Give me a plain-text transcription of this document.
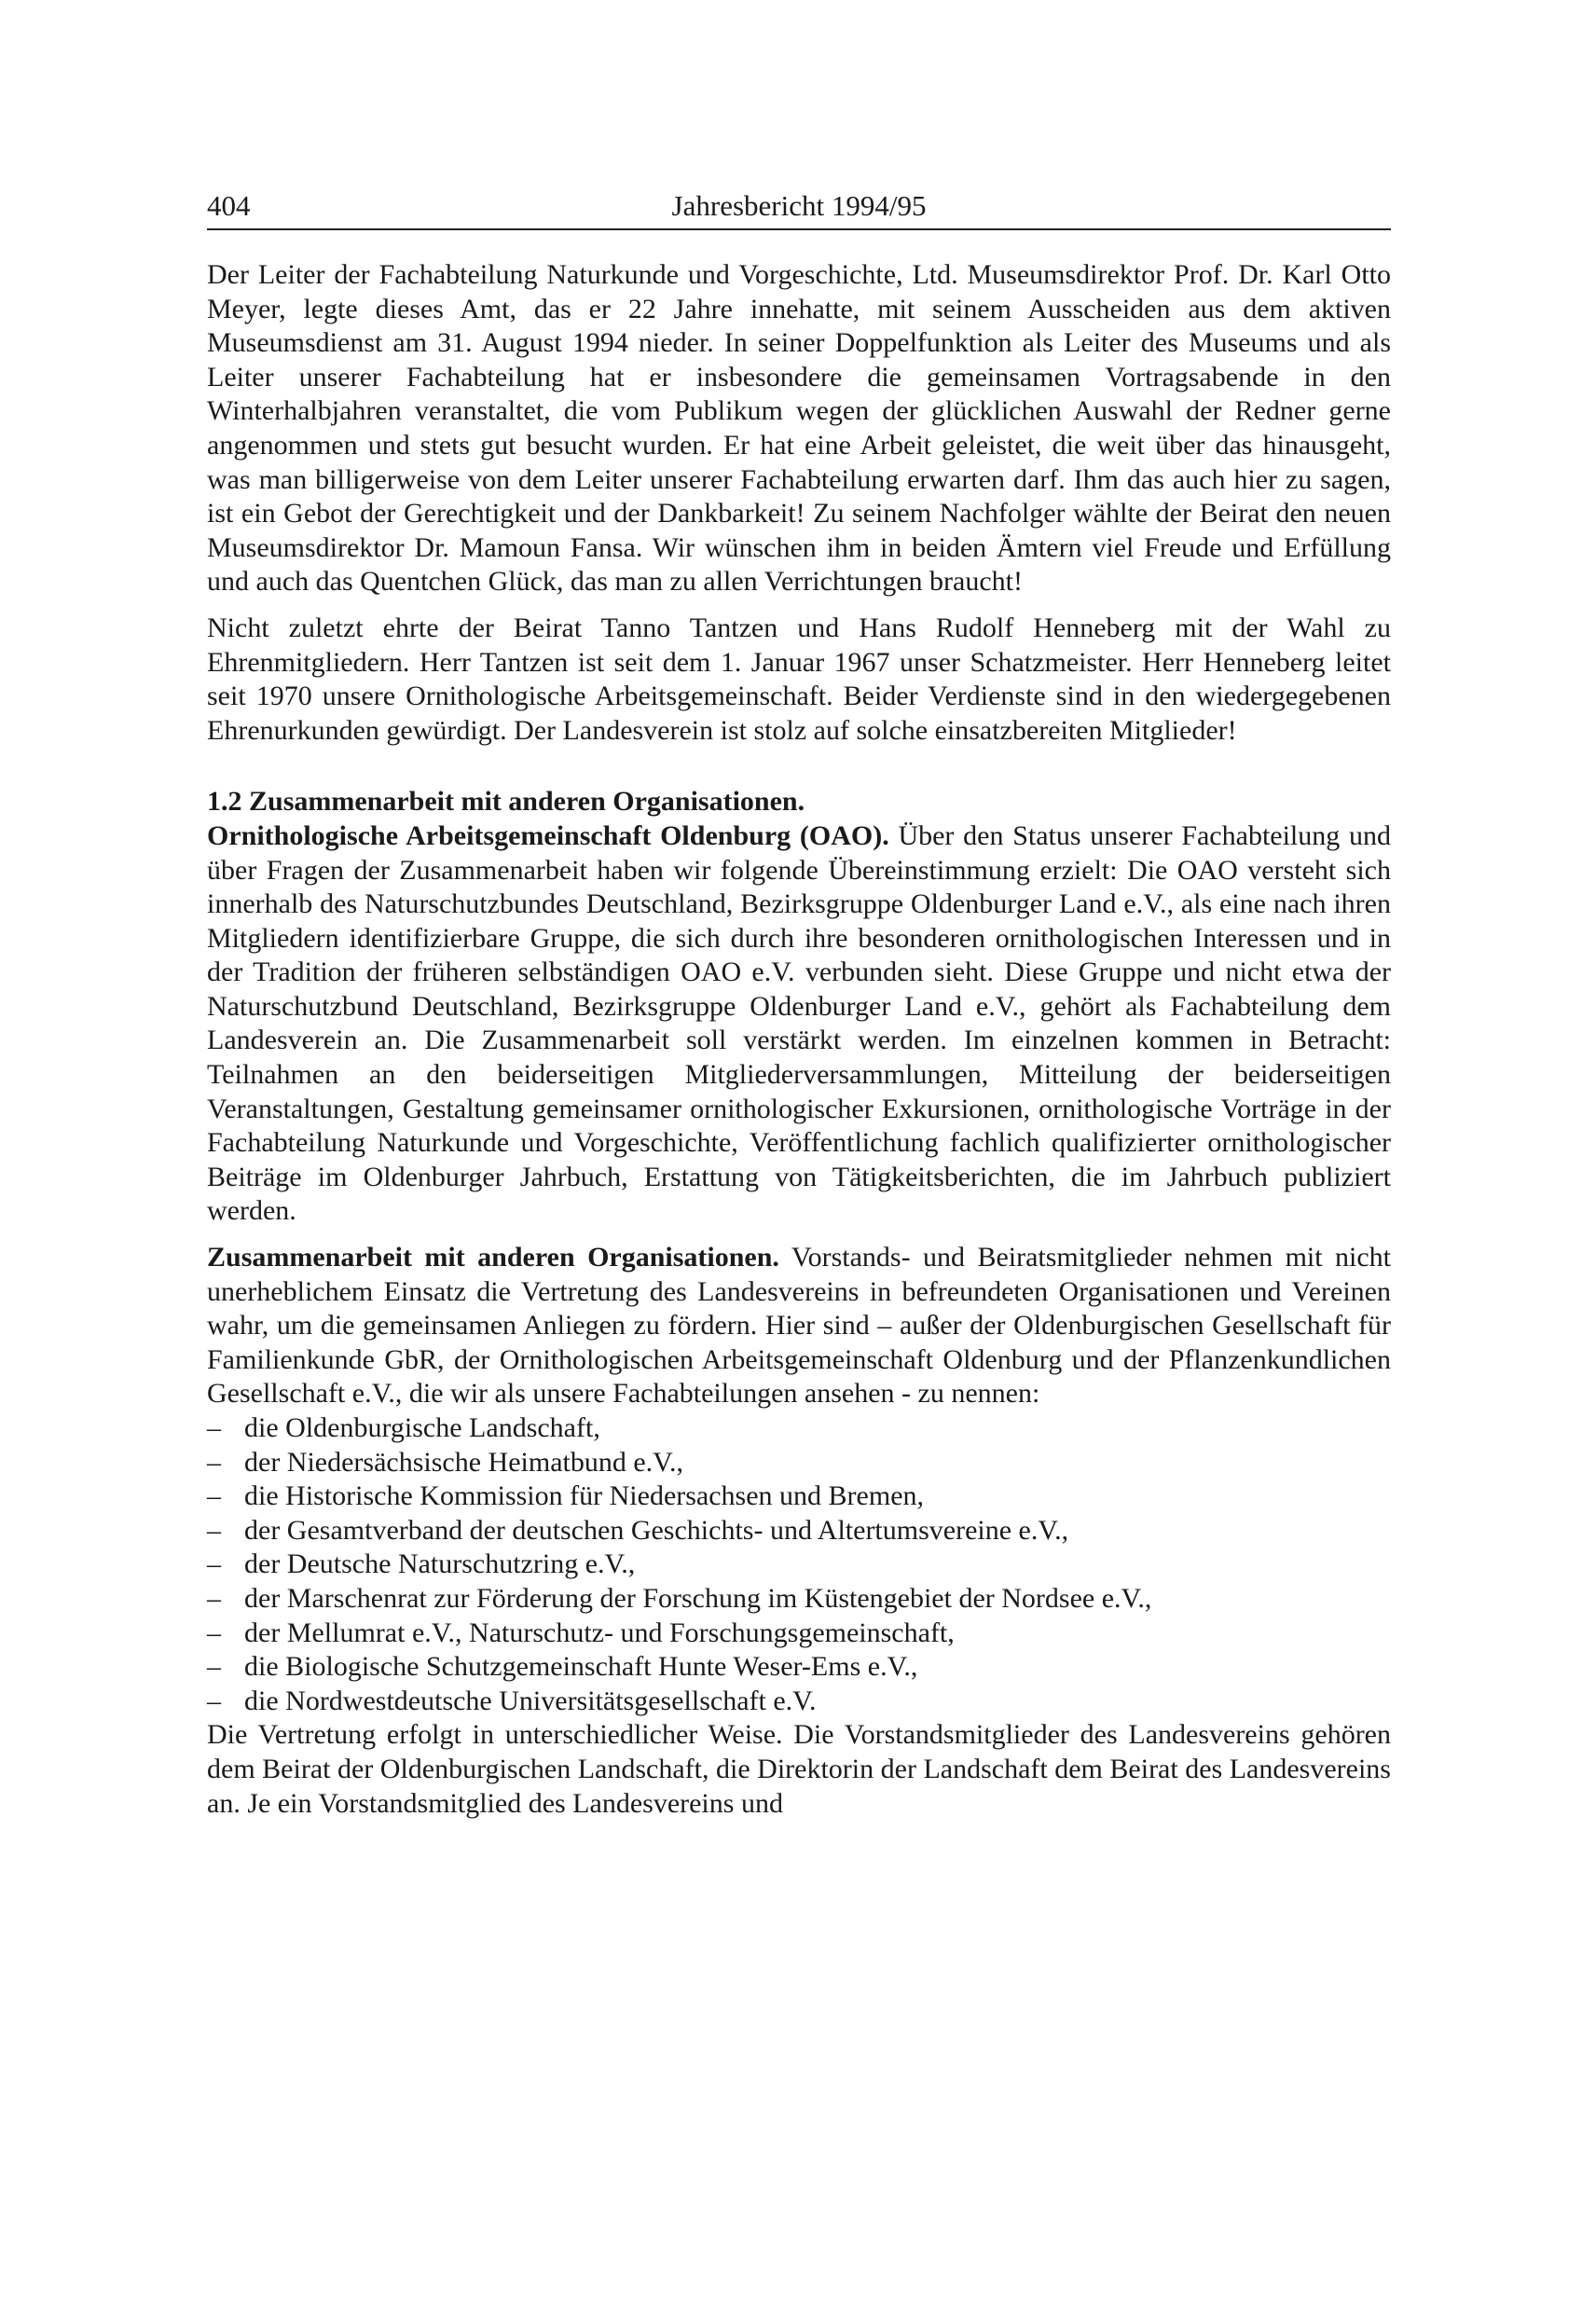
404	Jahresbericht 1994/95

Der Leiter der Fachabteilung Naturkunde und Vorgeschichte, Ltd. Museumsdirektor Prof. Dr. Karl Otto Meyer, legte dieses Amt, das er 22 Jahre innehatte, mit seinem Ausscheiden aus dem aktiven Museumsdienst am 31. August 1994 nieder. In seiner Doppelfunktion als Leiter des Museums und als Leiter unserer Fachabteilung hat er insbesondere die gemeinsamen Vortragsabende in den Winterhalbjahren veranstaltet, die vom Publikum wegen der glücklichen Auswahl der Redner gerne angenommen und stets gut besucht wurden. Er hat eine Arbeit geleistet, die weit über das hinausgeht, was man billigerweise von dem Leiter unserer Fachabteilung erwarten darf. Ihm das auch hier zu sagen, ist ein Gebot der Gerechtigkeit und der Dankbarkeit! Zu seinem Nachfolger wählte der Beirat den neuen Museumsdirektor Dr. Mamoun Fansa. Wir wünschen ihm in beiden Ämtern viel Freude und Erfüllung und auch das Quentchen Glück, das man zu allen Verrichtungen braucht!

Nicht zuletzt ehrte der Beirat Tanno Tantzen und Hans Rudolf Henneberg mit der Wahl zu Ehrenmitgliedern. Herr Tantzen ist seit dem 1. Januar 1967 unser Schatzmeister. Herr Henneberg leitet seit 1970 unsere Ornithologische Arbeitsgemeinschaft. Beider Verdienste sind in den wiedergegebenen Ehrenurkunden gewürdigt. Der Landesverein ist stolz auf solche einsatzbereiten Mitglieder!

1.2 Zusammenarbeit mit anderen Organisationen.

Ornithologische Arbeitsgemeinschaft Oldenburg (OAO). Über den Status unserer Fachabteilung und über Fragen der Zusammenarbeit haben wir folgende Übereinstimmung erzielt: Die OAO versteht sich innerhalb des Naturschutzbundes Deutschland, Bezirksgruppe Oldenburger Land e.V., als eine nach ihren Mitgliedern identifizierbare Gruppe, die sich durch ihre besonderen ornithologischen Interessen und in der Tradition der früheren selbständigen OAO e.V. verbunden sieht. Diese Gruppe und nicht etwa der Naturschutzbund Deutschland, Bezirksgruppe Oldenburger Land e.V., gehört als Fachabteilung dem Landesverein an. Die Zusammenarbeit soll verstärkt werden. Im einzelnen kommen in Betracht: Teilnahmen an den beiderseitigen Mitgliederversammlungen, Mitteilung der beiderseitigen Veranstaltungen, Gestaltung gemeinsamer ornithologischer Exkursionen, ornithologische Vorträge in der Fachabteilung Naturkunde und Vorgeschichte, Veröffentlichung fachlich qualifizierter ornithologischer Beiträge im Oldenburger Jahrbuch, Erstattung von Tätigkeitsberichten, die im Jahrbuch publiziert werden.

Zusammenarbeit mit anderen Organisationen. Vorstands- und Beiratsmitglieder nehmen mit nicht unerheblichem Einsatz die Vertretung des Landesvereins in befreundeten Organisationen und Vereinen wahr, um die gemeinsamen Anliegen zu fördern. Hier sind – außer der Oldenburgischen Gesellschaft für Familienkunde GbR, der Ornithologischen Arbeitsgemeinschaft Oldenburg und der Pflanzenkundlichen Gesellschaft e.V., die wir als unsere Fachabteilungen ansehen - zu nennen:

– die Oldenburgische Landschaft,
– der Niedersächsische Heimatbund e.V.,
– die Historische Kommission für Niedersachsen und Bremen,
– der Gesamtverband der deutschen Geschichts- und Altertumsvereine e.V.,
– der Deutsche Naturschutzring e.V.,
– der Marschenrat zur Förderung der Forschung im Küstengebiet der Nordsee e.V.,
– der Mellumrat e.V., Naturschutz- und Forschungsgemeinschaft,
– die Biologische Schutzgemeinschaft Hunte Weser-Ems e.V.,
– die Nordwestdeutsche Universitätsgesellschaft e.V.

Die Vertretung erfolgt in unterschiedlicher Weise. Die Vorstandsmitglieder des Landesvereins gehören dem Beirat der Oldenburgischen Landschaft, die Direktorin der Landschaft dem Beirat des Landesvereins an. Je ein Vorstandsmitglied des Landesvereins und
